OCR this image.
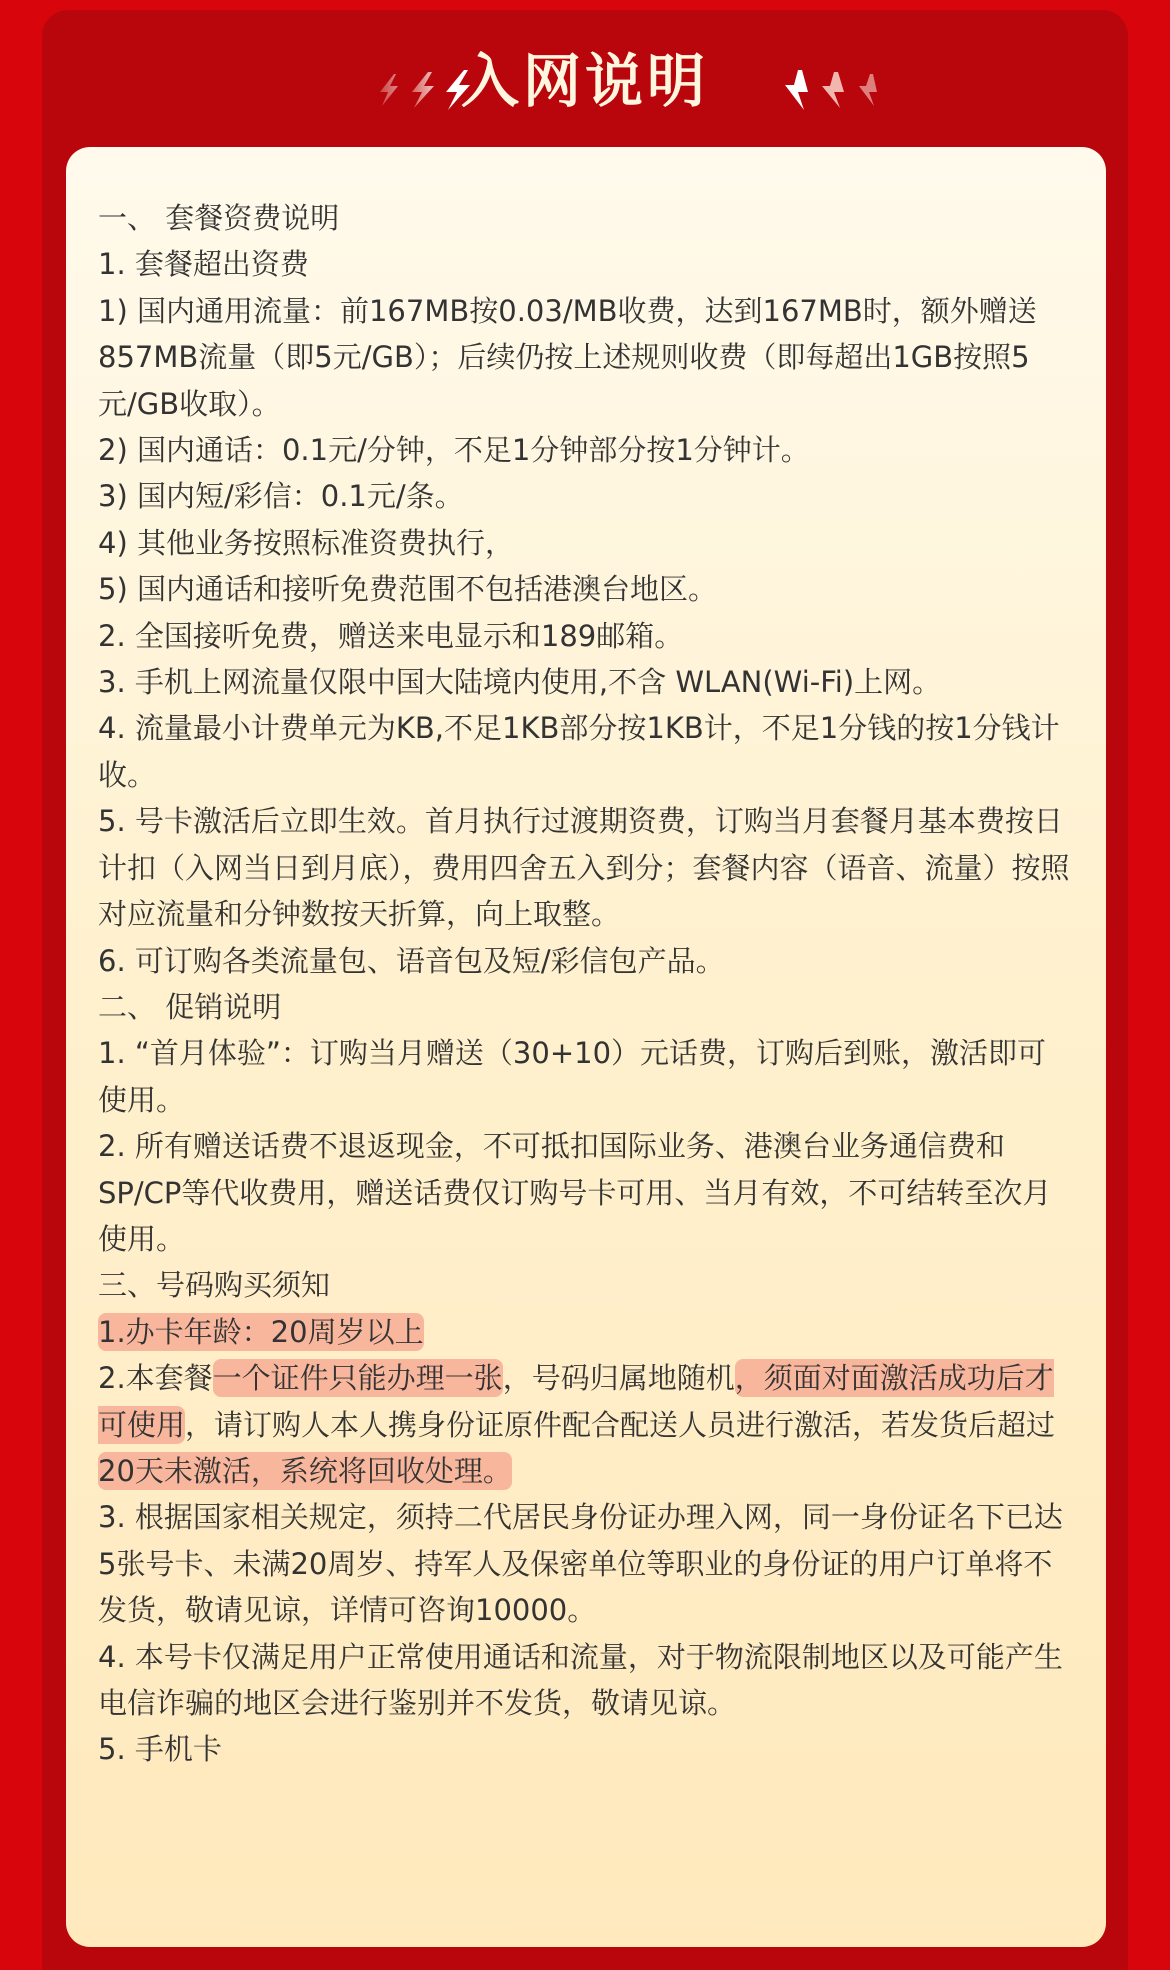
入网说明

一、 套餐资费说明

1. 套餐超出资费

1) 国内通用流量：前167MB按0.03/MB收费，达到167MB时，额外赠送857MB流量（即5元/GB）；后续仍按上述规则收费（即每超出1GB按照5元/GB收取）。

2) 国内通话：0.1元/分钟，不足1分钟部分按1分钟计。

3) 国内短/彩信：0.1元/条。

4) 其他业务按照标准资费执行，

5) 国内通话和接听免费范围不包括港澳台地区。

2. 全国接听免费，赠送来电显示和189邮箱。

3. 手机上网流量仅限中国大陆境内使用,不含 WLAN(Wi-Fi)上网。

4. 流量最小计费单元为KB,不足1KB部分按1KB计，不足1分钱的按1分钱计收。

5. 号卡激活后立即生效。首月执行过渡期资费，订购当月套餐月基本费按日计扣（入网当日到月底），费用四舍五入到分；套餐内容（语音、流量）按照对应流量和分钟数按天折算，向上取整。

6. 可订购各类流量包、语音包及短/彩信包产品。

二、 促销说明

1. “首月体验”：订购当月赠送（30+10）元话费，订购后到账，激活即可使用。

2. 所有赠送话费不退返现金，不可抵扣国际业务、港澳台业务通信费和SP/CP等代收费用，赠送话费仅订购号卡可用、当月有效，不可结转至次月使用。

三、号码购买须知

1.办卡年龄：20周岁以上

2.本套餐一个证件只能办理一张，号码归属地随机，须面对面激活成功后才可使用，请订购人本人携身份证原件配合配送人员进行激活，若发货后超过20天未激活，系统将回收处理。

3. 根据国家相关规定，须持二代居民身份证办理入网，同一身份证名下已达5张号卡、未满20周岁、持军人及保密单位等职业的身份证的用户订单将不发货，敬请见谅，详情可咨询10000。

4. 本号卡仅满足用户正常使用通话和流量，对于物流限制地区以及可能产生电信诈骗的地区会进行鉴别并不发货，敬请见谅。

5. 手机卡
